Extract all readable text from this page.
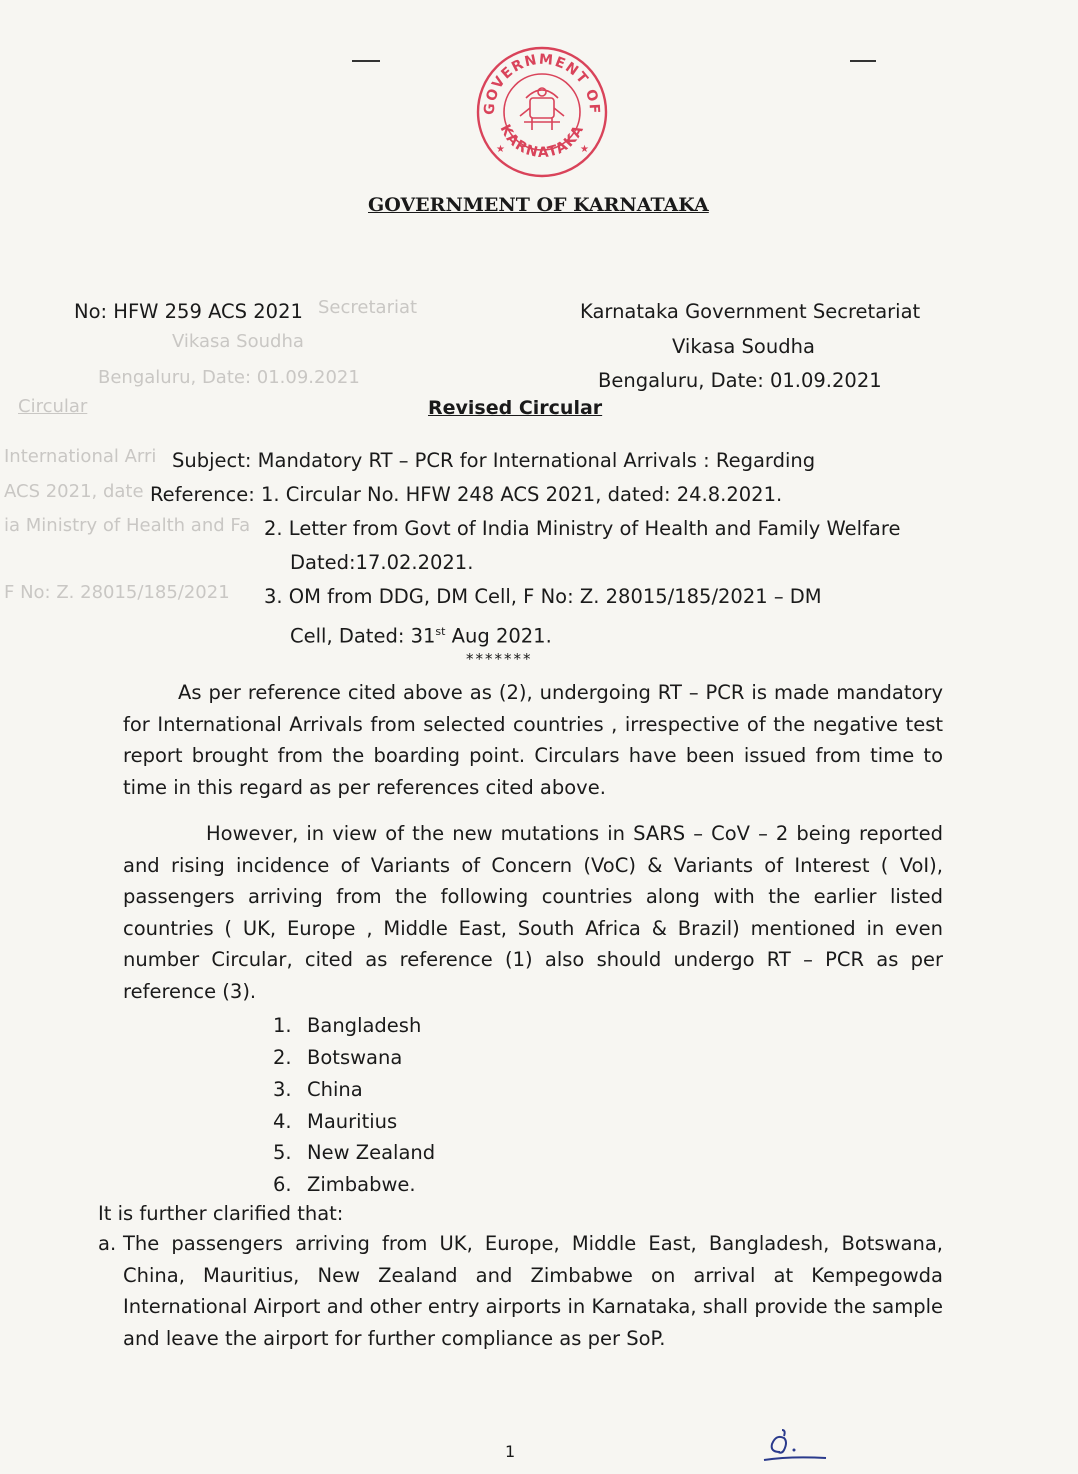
Secretariat
Vikasa Soudha
Bengaluru, Date: 01.09.2021
Circular
International Arri
ACS 2021, date
ia Ministry of Health and Fa
F No: Z. 28015/185/2021
GOVERNMENT OF
KARNATAKA
★	★
GOVERNMENT OF KARNATAKA
No: HFW 259 ACS 2021	Karnataka Government Secretariat
Vikasa Soudha
Bengaluru, Date: 01.09.2021
Revised Circular
Subject: Mandatory RT – PCR for International Arrivals : Regarding
Reference: 1. Circular No. HFW 248 ACS 2021, dated: 24.8.2021.
2. Letter from Govt of India Ministry of Health and Family Welfare
Dated:17.02.2021.
3. OM from DDG, DM Cell, F No: Z. 28015/185/2021 – DM
Cell, Dated: 31st Aug 2021.
*******
As per reference cited above as (2), undergoing RT – PCR is made mandatory for International Arrivals from selected countries , irrespective of the negative test report brought from the boarding point. Circulars have been issued from time to time in this regard as per references cited above.
However, in view of the new mutations in SARS – CoV – 2 being reported and rising incidence of Variants of Concern (VoC) & Variants of Interest ( VoI), passengers arriving from the following countries along with the earlier listed countries ( UK, Europe , Middle East, South Africa & Brazil) mentioned in even number Circular, cited as reference (1) also should undergo RT – PCR as per reference (3).
1. Bangladesh
2. Botswana
3. China
4. Mauritius
5. New Zealand
6. Zimbabwe.
It is further clarified that:
a. The passengers arriving from UK, Europe, Middle East, Bangladesh, Botswana, China, Mauritius, New Zealand and Zimbabwe on arrival at Kempegowda International Airport and other entry airports in Karnataka, shall provide the sample and leave the airport for further compliance as per SoP.
1
